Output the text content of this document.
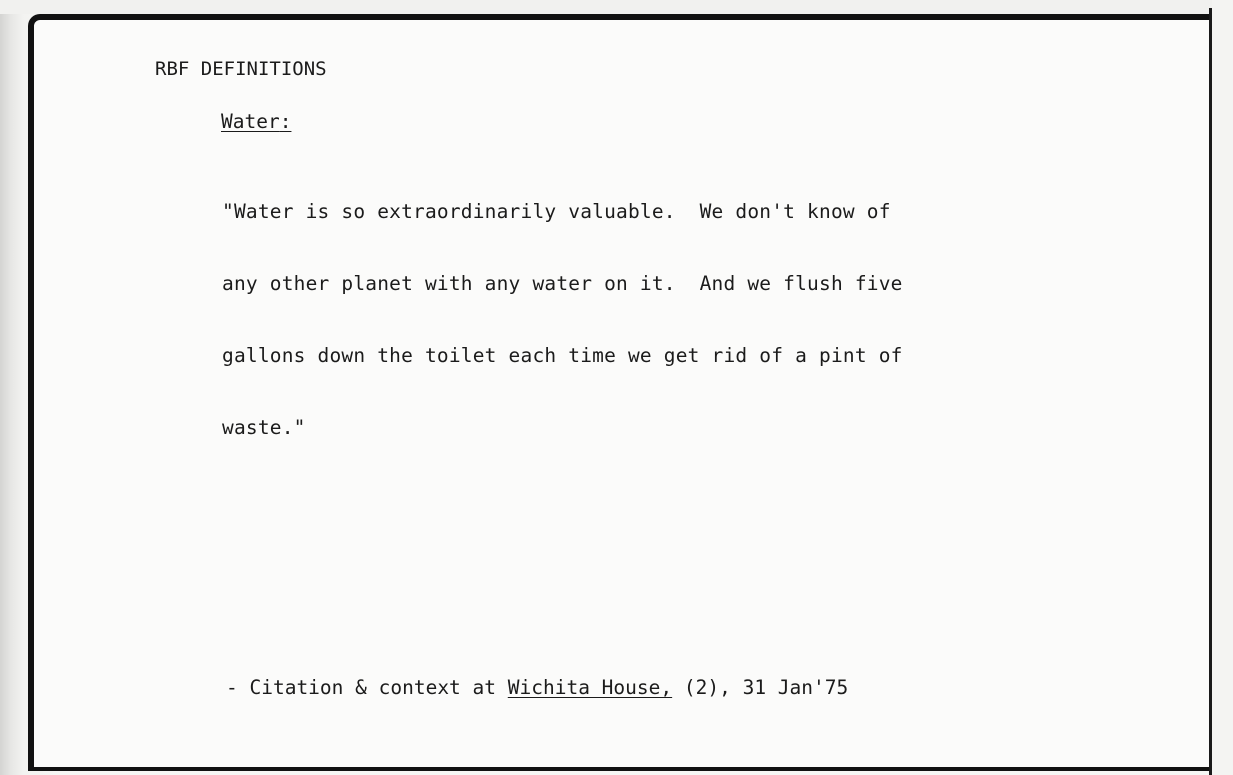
RBF DEFINITIONS

Water:

"Water is so extraordinarily valuable.  We don't know of

any other planet with any water on it.  And we flush five

gallons down the toilet each time we get rid of a pint of

waste."

- Citation & context at Wichita House, (2), 31 Jan'75
